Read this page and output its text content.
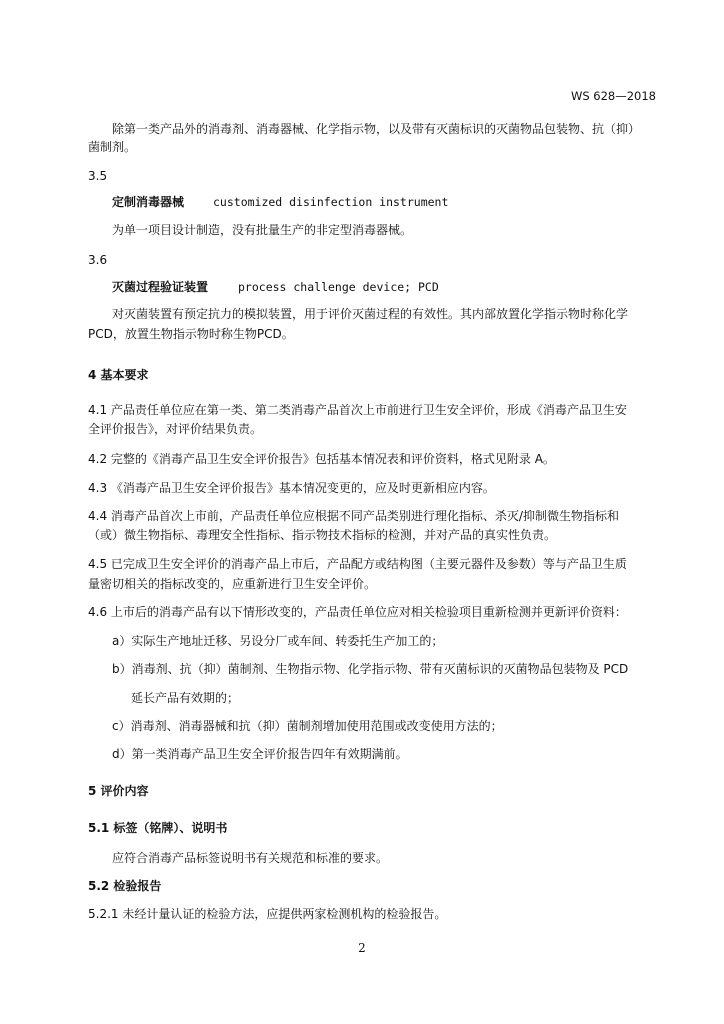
WS 628—2018
除第一类产品外的消毒剂、消毒器械、化学指示物，以及带有灭菌标识的灭菌物品包装物、抗（抑）
菌制剂。
3.5
定制消毒器械	customized disinfection instrument
为单一项目设计制造，没有批量生产的非定型消毒器械。
3.6
灭菌过程验证装置	process challenge device; PCD
对灭菌装置有预定抗力的模拟装置，用于评价灭菌过程的有效性。其内部放置化学指示物时称化学
PCD，放置生物指示物时称生物PCD。
4 基本要求
4.1 产品责任单位应在第一类、第二类消毒产品首次上市前进行卫生安全评价，形成《消毒产品卫生安
全评价报告》，对评价结果负责。
4.2 完整的《消毒产品卫生安全评价报告》包括基本情况表和评价资料，格式见附录 A。
4.3 《消毒产品卫生安全评价报告》基本情况变更的，应及时更新相应内容。
4.4 消毒产品首次上市前，产品责任单位应根据不同产品类别进行理化指标、杀灭/抑制微生物指标和
（或）微生物指标、毒理安全性指标、指示物技术指标的检测，并对产品的真实性负责。
4.5 已完成卫生安全评价的消毒产品上市后，产品配方或结构图（主要元器件及参数）等与产品卫生质
量密切相关的指标改变的，应重新进行卫生安全评价。
4.6 上市后的消毒产品有以下情形改变的，产品责任单位应对相关检验项目重新检测并更新评价资料：
a）实际生产地址迁移、另设分厂或车间、转委托生产加工的；
b）消毒剂、抗（抑）菌制剂、生物指示物、化学指示物、带有灭菌标识的灭菌物品包装物及 PCD
延长产品有效期的；
c）消毒剂、消毒器械和抗（抑）菌制剂增加使用范围或改变使用方法的；
d）第一类消毒产品卫生安全评价报告四年有效期满前。
5 评价内容
5.1 标签（铭牌）、说明书
应符合消毒产品标签说明书有关规范和标准的要求。
5.2 检验报告
5.2.1 未经计量认证的检验方法，应提供两家检测机构的检验报告。
2
